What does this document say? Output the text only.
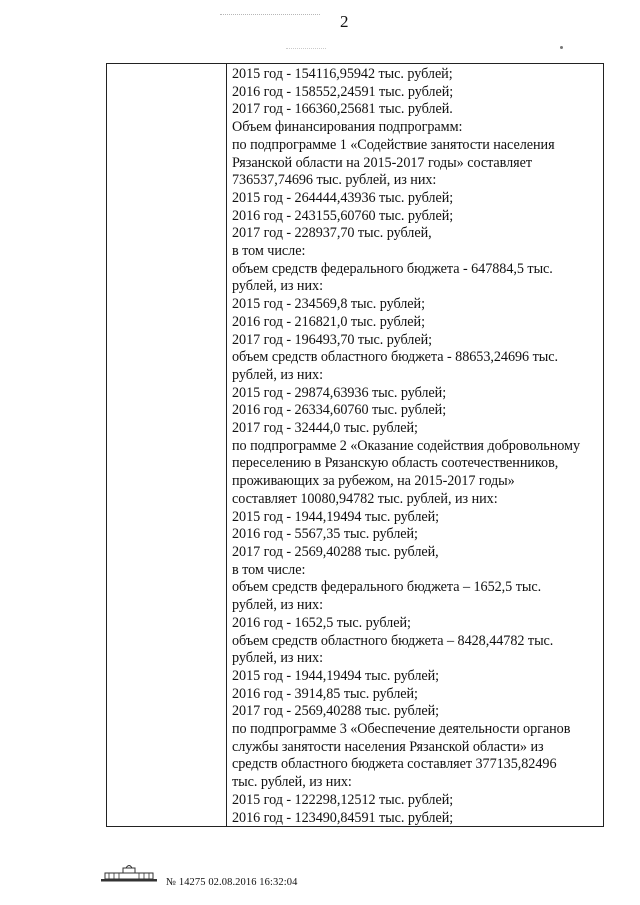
2
2015 год - 154116,95942 тыс. рублей;
2016 год - 158552,24591 тыс. рублей;
2017 год - 166360,25681 тыс. рублей.
Объем финансирования подпрограмм:
по подпрограмме 1 «Содействие занятости населения
Рязанской области на 2015-2017 годы» составляет
736537,74696 тыс. рублей, из них:
2015 год - 264444,43936 тыс. рублей;
2016 год - 243155,60760 тыс. рублей;
2017 год - 228937,70 тыс. рублей,
в том числе:
объем средств федерального бюджета - 647884,5 тыс.
рублей, из них:
2015 год - 234569,8 тыс. рублей;
2016 год - 216821,0 тыс. рублей;
2017 год - 196493,70 тыс. рублей;
объем средств областного бюджета - 88653,24696 тыс.
рублей, из них:
2015 год - 29874,63936 тыс. рублей;
2016 год - 26334,60760 тыс. рублей;
2017 год - 32444,0 тыс. рублей;
по подпрограмме 2 «Оказание содействия добровольному
переселению в Рязанскую область соотечественников,
проживающих за рубежом, на 2015-2017 годы»
составляет 10080,94782 тыс. рублей, из них:
2015 год - 1944,19494 тыс. рублей;
2016 год - 5567,35 тыс. рублей;
2017 год - 2569,40288 тыс. рублей,
в том числе:
объем средств федерального бюджета – 1652,5 тыс.
рублей, из них:
2016 год - 1652,5 тыс. рублей;
объем средств областного бюджета – 8428,44782 тыс.
рублей, из них:
2015 год - 1944,19494 тыс. рублей;
2016 год - 3914,85 тыс. рублей;
2017 год - 2569,40288 тыс. рублей;
по подпрограмме 3 «Обеспечение деятельности органов
службы занятости населения Рязанской области» из
средств областного бюджета составляет 377135,82496
тыс. рублей, из них:
2015 год - 122298,12512 тыс. рублей;
2016 год - 123490,84591 тыс. рублей;
№ 14275 02.08.2016 16:32:04
